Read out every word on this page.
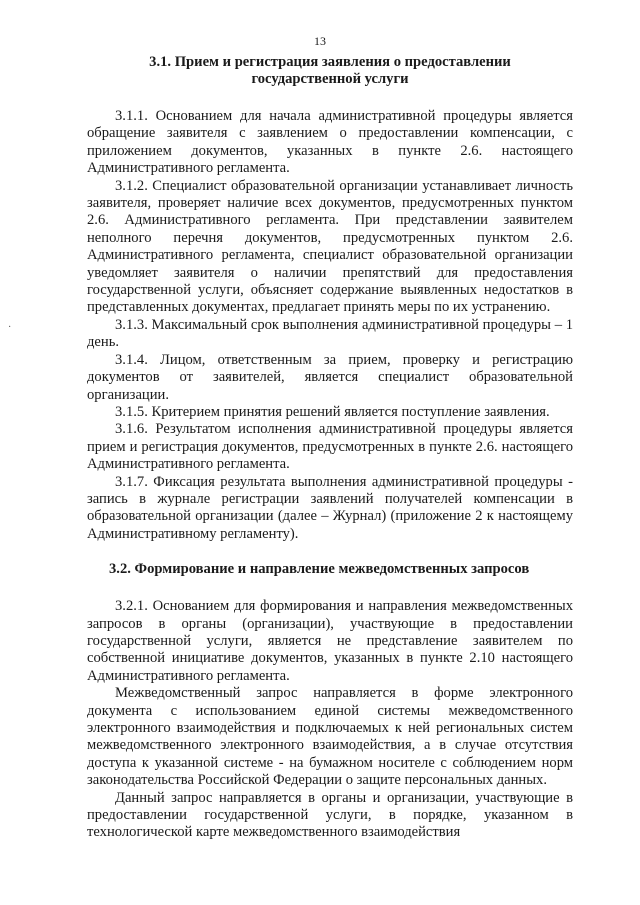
13
·
3.1. Прием и регистрация заявления о предоставлении
государственной услуги

3.1.1. Основанием для начала административной процедуры является обращение заявителя с заявлением о предоставлении компенсации, с приложением документов, указанных в пункте 2.6. настоящего Административного регламента.

3.1.2. Специалист образовательной организации устанавливает личность заявителя, проверяет наличие всех документов, предусмотренных пунктом 2.6. Административного регламента. При представлении заявителем неполного перечня документов, предусмотренных пунктом 2.6. Административного регламента, специалист образовательной организации уведомляет заявителя о наличии препятствий для предоставления государственной услуги, объясняет содержание выявленных недостатков в представленных документах, предлагает принять меры по их устранению.

3.1.3. Максимальный срок выполнения административной процедуры – 1 день.

3.1.4. Лицом, ответственным за прием, проверку и регистрацию документов от заявителей, является специалист образовательной организации.

3.1.5. Критерием принятия решений является поступление заявления.

3.1.6. Результатом исполнения административной процедуры является прием и регистрация документов, предусмотренных в пункте 2.6. настоящего Административного регламента.

3.1.7. Фиксация результата выполнения административной процедуры - запись в журнале регистрации заявлений получателей компенсации в образовательной организации (далее – Журнал) (приложение 2 к настоящему Административному регламенту).

3.2. Формирование и направление межведомственных запросов

3.2.1. Основанием для формирования и направления межведомственных запросов в органы (организации), участвующие в предоставлении государственной услуги, является не представление заявителем по собственной инициативе документов, указанных в пункте 2.10 настоящего Административного регламента.

Межведомственный запрос направляется в форме электронного документа с использованием единой системы межведомственного электронного взаимодействия и подключаемых к ней региональных систем межведомственного электронного взаимодействия, а в случае отсутствия доступа к указанной системе - на бумажном носителе с соблюдением норм законодательства Российской Федерации о защите персональных данных.

Данный запрос направляется в органы и организации, участвующие в предоставлении государственной услуги, в порядке, указанном в технологической карте межведомственного взаимодействия
